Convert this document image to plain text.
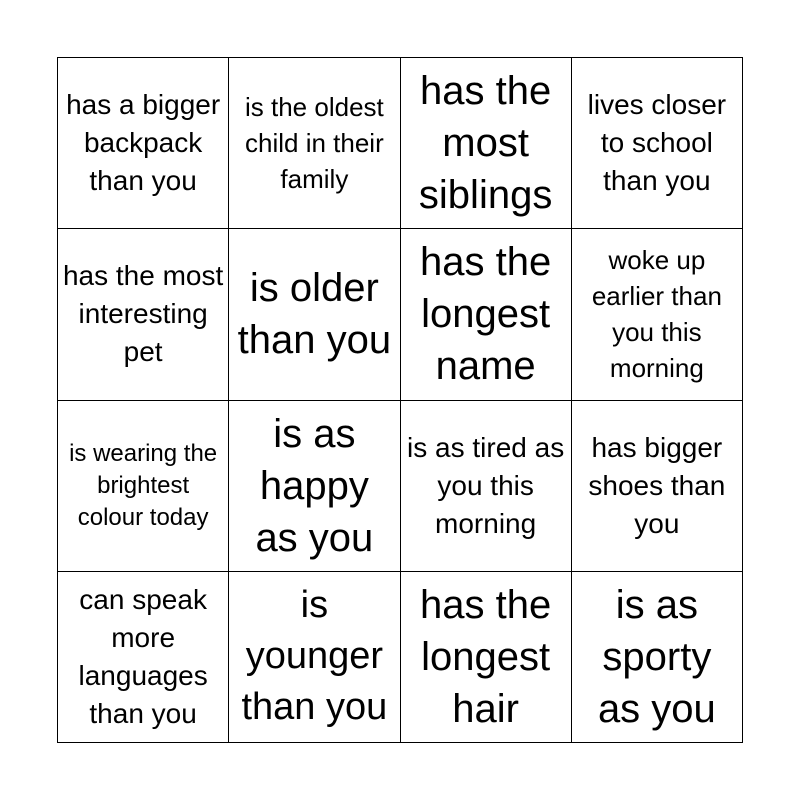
has a bigger backpack than you
is the oldest child in their family
has the most siblings
lives closer to school than you
has the most interesting pet
is older than you
has the longest name
woke up earlier than you this morning
is wearing the brightest colour today
is as happy as you
is as tired as you this morning
has bigger shoes than you
can speak more languages than you
is younger than you
has the longest hair
is as sporty as you
